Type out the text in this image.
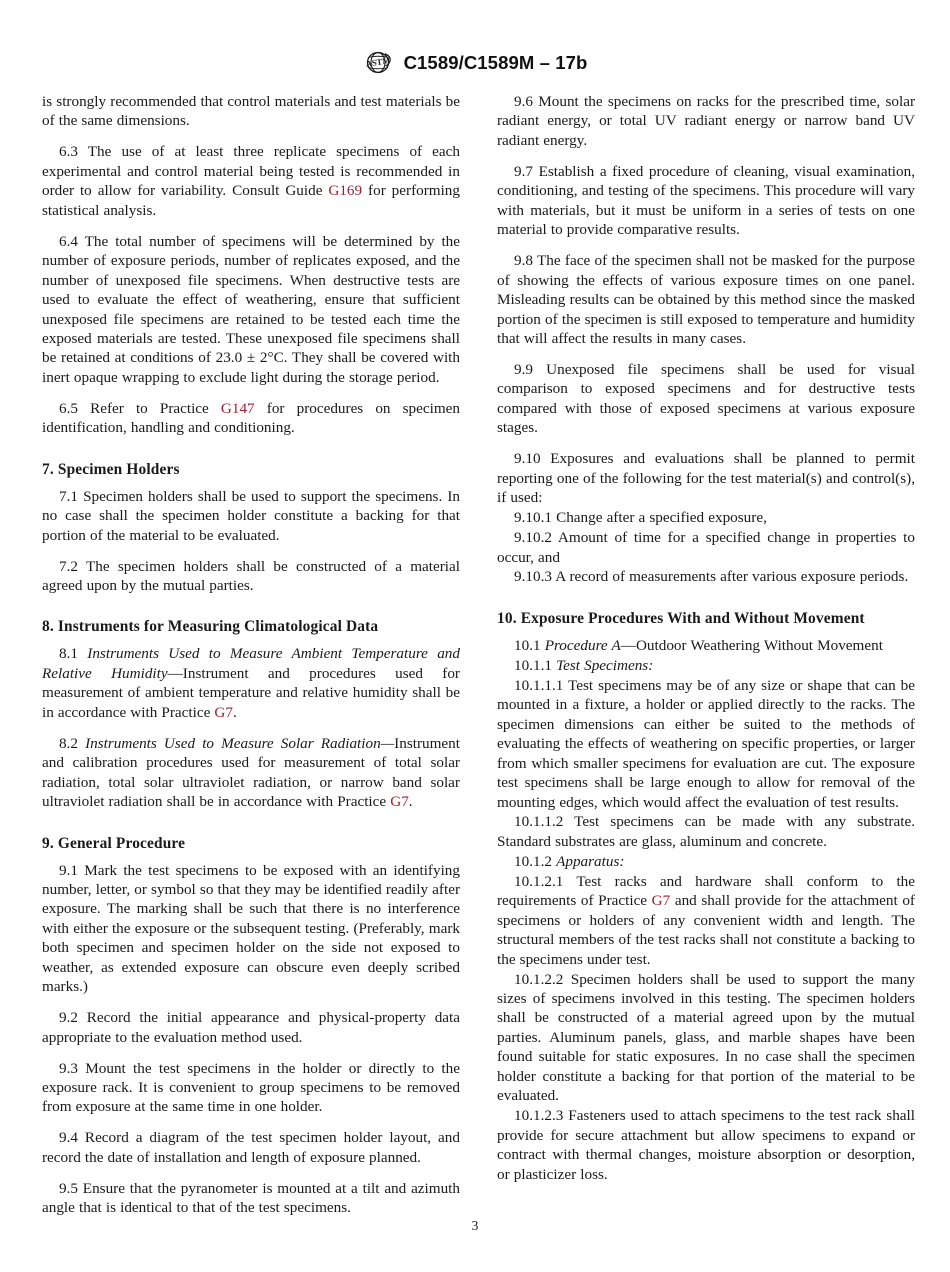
ASTM C1589/C1589M – 17b

is strongly recommended that control materials and test materials be of the same dimensions.

6.3 The use of at least three replicate specimens of each experimental and control material being tested is recommended in order to allow for variability. Consult Guide G169 for performing statistical analysis.

6.4 The total number of specimens will be determined by the number of exposure periods, number of replicates exposed, and the number of unexposed file specimens. When destructive tests are used to evaluate the effect of weathering, ensure that sufficient unexposed file specimens are retained to be tested each time the exposed materials are tested. These unexposed file specimens shall be retained at conditions of 23.0 ± 2°C. They shall be covered with inert opaque wrapping to exclude light during the storage period.

6.5 Refer to Practice G147 for procedures on specimen identification, handling and conditioning.

7. Specimen Holders

7.1 Specimen holders shall be used to support the specimens. In no case shall the specimen holder constitute a backing for that portion of the material to be evaluated.

7.2 The specimen holders shall be constructed of a material agreed upon by the mutual parties.

8. Instruments for Measuring Climatological Data

8.1 Instruments Used to Measure Ambient Temperature and Relative Humidity—Instrument and procedures used for measurement of ambient temperature and relative humidity shall be in accordance with Practice G7.

8.2 Instruments Used to Measure Solar Radiation—Instrument and calibration procedures used for measurement of total solar radiation, total solar ultraviolet radiation, or narrow band solar ultraviolet radiation shall be in accordance with Practice G7.

9. General Procedure

9.1 Mark the test specimens to be exposed with an identifying number, letter, or symbol so that they may be identified readily after exposure. The marking shall be such that there is no interference with either the exposure or the subsequent testing. (Preferably, mark both specimen and specimen holder on the side not exposed to weather, as extended exposure can obscure even deeply scribed marks.)

9.2 Record the initial appearance and physical-property data appropriate to the evaluation method used.

9.3 Mount the test specimens in the holder or directly to the exposure rack. It is convenient to group specimens to be removed from exposure at the same time in one holder.

9.4 Record a diagram of the test specimen holder layout, and record the date of installation and length of exposure planned.

9.5 Ensure that the pyranometer is mounted at a tilt and azimuth angle that is identical to that of the test specimens.

9.6 Mount the specimens on racks for the prescribed time, solar radiant energy, or total UV radiant energy or narrow band UV radiant energy.

9.7 Establish a fixed procedure of cleaning, visual examination, conditioning, and testing of the specimens. This procedure will vary with materials, but it must be uniform in a series of tests on one material to provide comparative results.

9.8 The face of the specimen shall not be masked for the purpose of showing the effects of various exposure times on one panel. Misleading results can be obtained by this method since the masked portion of the specimen is still exposed to temperature and humidity that will affect the results in many cases.

9.9 Unexposed file specimens shall be used for visual comparison to exposed specimens and for destructive tests compared with those of exposed specimens at various exposure stages.

9.10 Exposures and evaluations shall be planned to permit reporting one of the following for the test material(s) and control(s), if used:

9.10.1 Change after a specified exposure,

9.10.2 Amount of time for a specified change in properties to occur, and

9.10.3 A record of measurements after various exposure periods.

10. Exposure Procedures With and Without Movement

10.1 Procedure A—Outdoor Weathering Without Movement

10.1.1 Test Specimens:

10.1.1.1 Test specimens may be of any size or shape that can be mounted in a fixture, a holder or applied directly to the racks. The specimen dimensions can either be suited to the methods of evaluating the effects of weathering on specific properties, or larger from which smaller specimens for evaluation are cut. The exposure test specimens shall be large enough to allow for removal of the mounting edges, which would affect the evaluation of test results.

10.1.1.2 Test specimens can be made with any substrate. Standard substrates are glass, aluminum and concrete.

10.1.2 Apparatus:

10.1.2.1 Test racks and hardware shall conform to the requirements of Practice G7 and shall provide for the attachment of specimens or holders of any convenient width and length. The structural members of the test racks shall not constitute a backing to the specimens under test.

10.1.2.2 Specimen holders shall be used to support the many sizes of specimens involved in this testing. The specimen holders shall be constructed of a material agreed upon by the mutual parties. Aluminum panels, glass, and marble shapes have been found suitable for static exposures. In no case shall the specimen holder constitute a backing for that portion of the material to be evaluated.

10.1.2.3 Fasteners used to attach specimens to the test rack shall provide for secure attachment but allow specimens to expand or contract with thermal changes, moisture absorption or desorption, or plasticizer loss.

3
